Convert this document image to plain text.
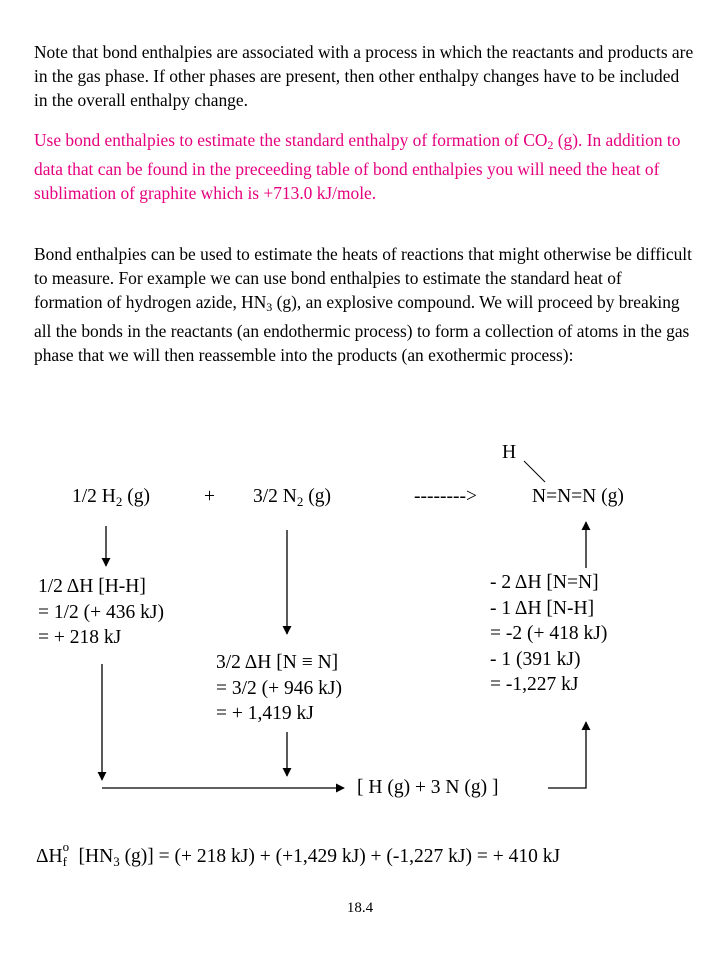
Note that bond enthalpies are associated with a process in which the reactants and products are in the gas phase. If other phases are present, then other enthalpy changes have to be included in the overall enthalpy change.

Use bond enthalpies to estimate the standard enthalpy of formation of CO2 (g). In addition to data that can be found in the preceeding table of bond enthalpies you will need the heat of sublimation of graphite which is +713.0 kJ/mole.

Bond enthalpies can be used to estimate the heats of reactions that might otherwise be difficult to measure. For example we can use bond enthalpies to estimate the standard heat of formation of hydrogen azide, HN3 (g), an explosive compound. We will proceed by breaking all the bonds in the reactants (an endothermic process) to form a collection of atoms in the gas phase that we will then reassemble into the products (an exothermic process):

H
1/2 $H_2$ (g)	+ 3/2 $N_2$ (g)	-------->	N=N=N (g)
1/2 ΔH [H-H]
= 1/2 (+ 436 kJ)
= + 218 kJ
3/2 ΔH [N ≡ N]
= 3/2 (+ 946 kJ)
= + 1,419 kJ
- 2 ΔH [N=N]
- 1 ΔH [N-H]
= -2 (+ 418 kJ)
- 1 (391 kJ)
= -1,227 kJ
[ H (g) + 3 N (g) ]
ΔH o
f [$HN_3$ (g)] = (+ 218 kJ) + (+1,429 kJ) + (-1,227 kJ) = + 410 kJ
18.4
